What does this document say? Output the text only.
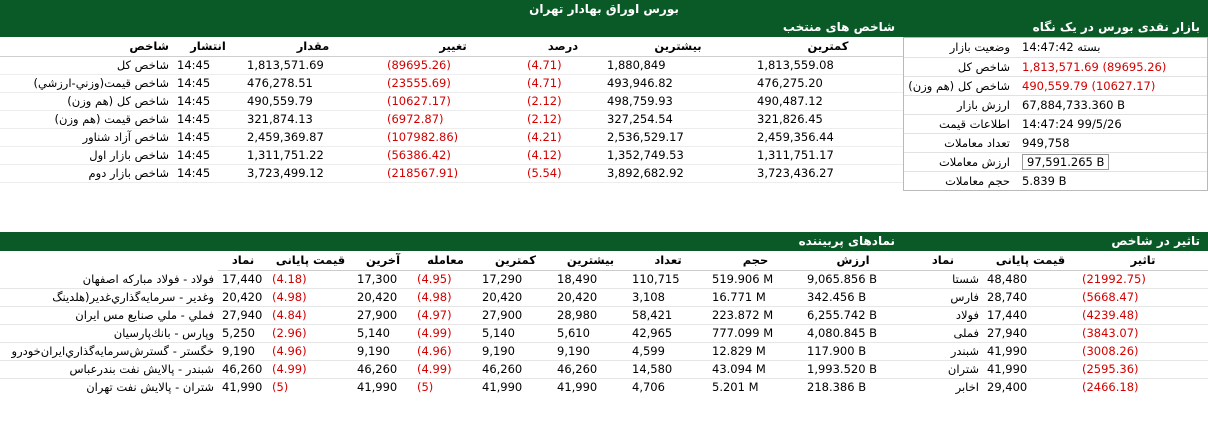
بورس اوراق بهادار تهران
بازار نقدی بورس در یک نگاه
بسته 14:47:42	وضعیت بازار
1,813,571.69 (89695.26)	شاخص كل
490,559.79 (10627.17)	شاخص كل (هم وزن)
67,884,733.360 B	ارزش بازار
14:47:24 99/5/26	اطلاعات قيمت
949,758	تعداد معاملات
97,591.265 B	ارزش معاملات
5.839 B	حجم معاملات
شاخص های منتخب
کمترین	بیشترین	درصد	تغییر	مقدار	انتشار	شاخص
1,813,559.08	1,880,849	(4.71)	(89695.26)	1,813,571.69	14:45	شاخص كل
476,275.20	493,946.82	(4.71)	(23555.69)	476,278.51	14:45	شاخص قيمت(وزني-ارزشي)
490,487.12	498,759.93	(2.12)	(10627.17)	490,559.79	14:45	شاخص كل (هم وزن)
321,826.45	327,254.54	(2.12)	(6972.87)	321,874.13	14:45	شاخص قيمت (هم وزن)
2,459,356.44	2,536,529.17	(4.21)	(107982.86)	2,459,369.87	14:45	شاخص آزاد شناور
1,311,751.17	1,352,749.53	(4.12)	(56386.42)	1,311,751.22	14:45	شاخص بازار اول
3,723,436.27	3,892,682.92	(5.54)	(218567.91)	3,723,499.12	14:45	شاخص بازار دوم
تاثیر در شاخص
تاثیر	قیمت پایانی	نماد
(21992.75)	48,480	شستا
(5668.47)	28,740	فارس
(4239.48)	17,440	فولاد
(3843.07)	27,940	فملی
(3008.26)	41,990	شبندر
(2595.36)	41,990	شتران
(2466.18)	29,400	اخابر
نمادهای پربیننده
ارزش	حجم	تعداد	بیشترین	کمترین	معامله	آخرین	قیمت پایانی	نماد	
9,065.856 B	519.906 M	110,715	18,490	17,290	(4.95)	17,300	(4.18)	17,440	فولاد - فولاد مباركه اصفهان
342.456 B	16.771 M	3,108	20,420	20,420	(4.98)	20,420	(4.98)	20,420	وغدير - سرمايه‌گذاري‌غدير(هلدينگ‌
6,255.742 B	223.872 M	58,421	28,980	27,900	(4.97)	27,900	(4.84)	27,940	فملي - ملي‌ صنایع‌ مس‌ ايران‌
4,080.845 B	777.099 M	42,965	5,610	5,140	(4.99)	5,140	(2.96)	5,250	وپارس - بانك‌پارسيان‌
117.900 B	12.829 M	4,599	9,190	9,190	(4.96)	9,190	(4.96)	9,190	خگستر - گسترش‌سرمايه‌گذاري‌ايران‌خودرو
1,993.520 B	43.094 M	14,580	46,260	46,260	(4.99)	46,260	(4.99)	46,260	شبندر - پالايش نفت بندرعباس
218.386 B	5.201 M	4,706	41,990	41,990	(5)	41,990	(5)	41,990	شتران - پالايش نفت تهران
